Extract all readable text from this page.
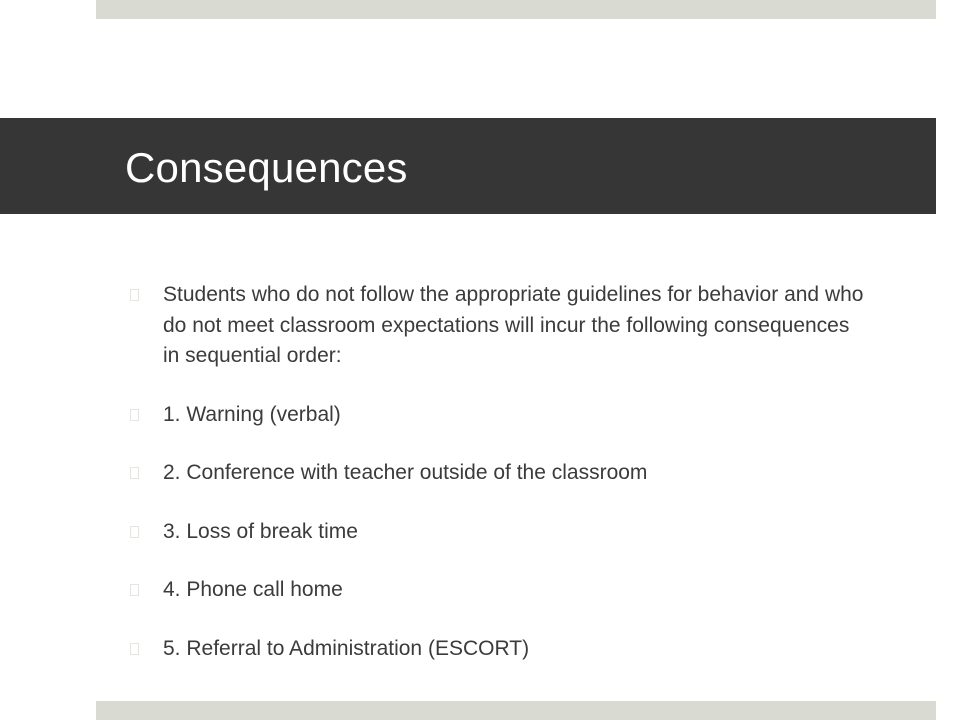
Consequences
Students who do not follow the appropriate guidelines for behavior and who do not meet classroom expectations will incur the following consequences in sequential order:
1. Warning (verbal)
2. Conference with teacher outside of the classroom
3. Loss of break time
4. Phone call home
5. Referral to Administration (ESCORT)
